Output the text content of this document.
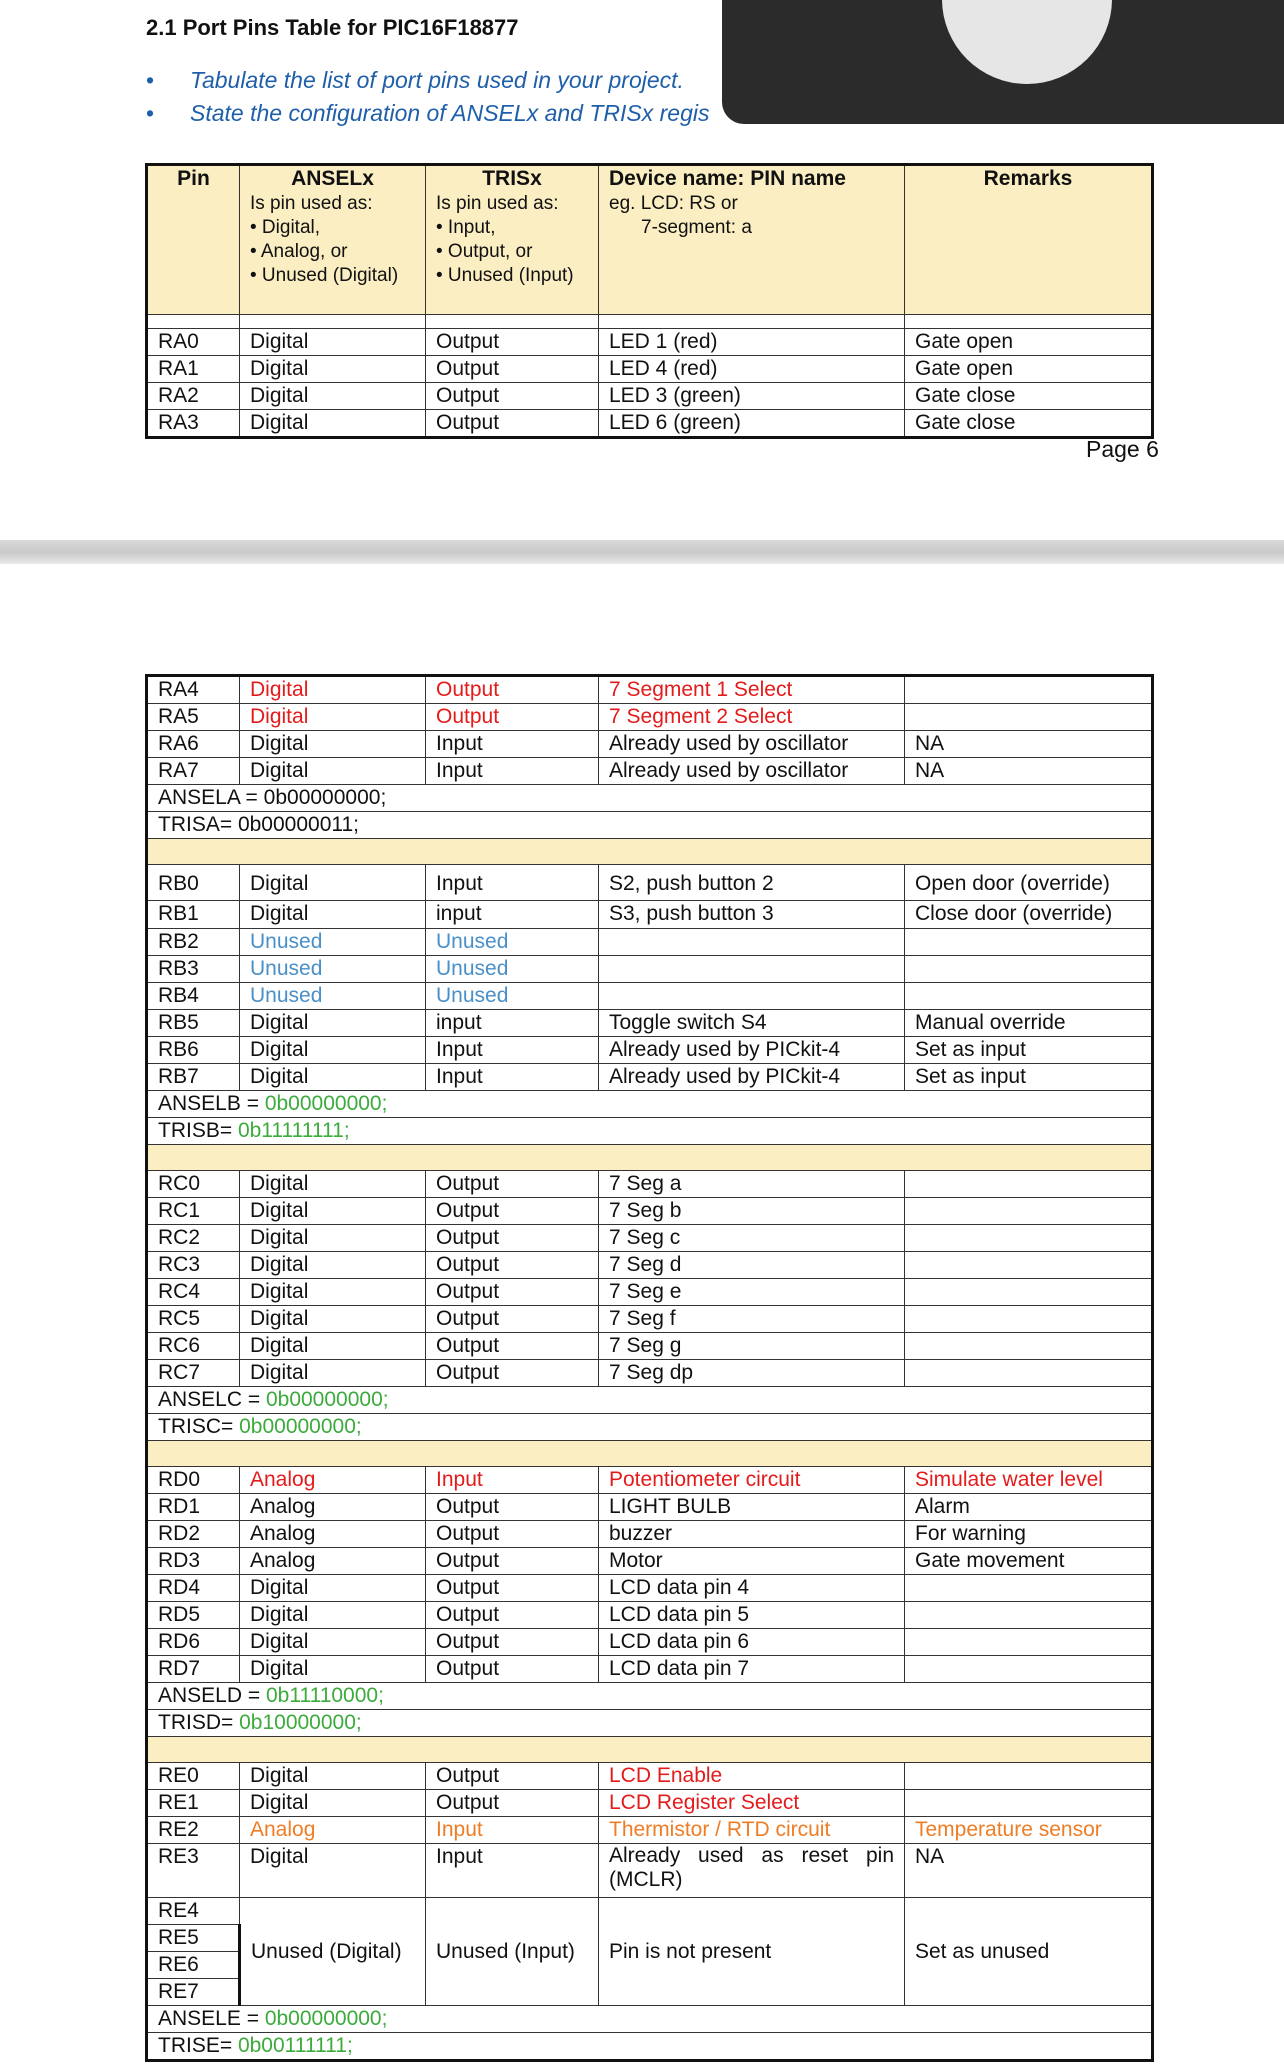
2.1 Port Pins Table for PIC16F18877
• Tabulate the list of port pins used in your project.
• State the configuration of ANSELx and TRISx regis
Pin	ANSELx
Is pin used as:
• Digital,
• Analog, or
• Unused (Digital)	TRISx
Is pin used as:
• Input,
• Output, or
• Unused (Input)	Device name: PIN name
eg. LCD: RS or
7-segment: a	Remarks

RA0	Digital	Output	LED 1 (red)	Gate open
RA1	Digital	Output	LED 4 (red)	Gate open
RA2	Digital	Output	LED 3 (green)	Gate close
RA3	Digital	Output	LED 6 (green)	Gate close
Page 6
RA4	Digital	Output	7 Segment 1 Select	
RA5	Digital	Output	7 Segment 2 Select	
RA6	Digital	Input	Already used by oscillator	NA
RA7	Digital	Input	Already used by oscillator	NA
ANSELA = 0b00000000;				
TRISA= 0b00000011;				

RB0	Digital	Input	S2, push button 2	Open door (override)
RB1	Digital	input	S3, push button 3	Close door (override)
RB2	Unused	Unused		
RB3	Unused	Unused		
RB4	Unused	Unused		
RB5	Digital	input	Toggle switch S4	Manual override
RB6	Digital	Input	Already used by PICkit-4	Set as input
RB7	Digital	Input	Already used by PICkit-4	Set as input
ANSELB = 0b00000000;				
TRISB= 0b11111111;				

RC0	Digital	Output	7 Seg a	
RC1	Digital	Output	7 Seg b	
RC2	Digital	Output	7 Seg c	
RC3	Digital	Output	7 Seg d	
RC4	Digital	Output	7 Seg e	
RC5	Digital	Output	7 Seg f	
RC6	Digital	Output	7 Seg g	
RC7	Digital	Output	7 Seg dp	
ANSELC = 0b00000000;				
TRISC= 0b00000000;				

RD0	Analog	Input	Potentiometer circuit	Simulate water level
RD1	Analog	Output	LIGHT BULB	Alarm
RD2	Analog	Output	buzzer	For warning
RD3	Analog	Output	Motor	Gate movement
RD4	Digital	Output	LCD data pin 4	
RD5	Digital	Output	LCD data pin 5	
RD6	Digital	Output	LCD data pin 6	
RD7	Digital	Output	LCD data pin 7	
ANSELD = 0b11110000;				
TRISD= 0b10000000;				

RE0	Digital	Output	LCD Enable	
RE1	Digital	Output	LCD Register Select	
RE2	Analog	Input	Thermistor / RTD circuit	Temperature sensor
RE3	Digital	Input	Already used as reset pin (MCLR)	NA
RE4	Unused (Digital)	Unused (Input)	Pin is not present	Set as unused
RE5				
RE6				
RE7				
ANSELE = 0b00000000;				
TRISE= 0b00111111;				
